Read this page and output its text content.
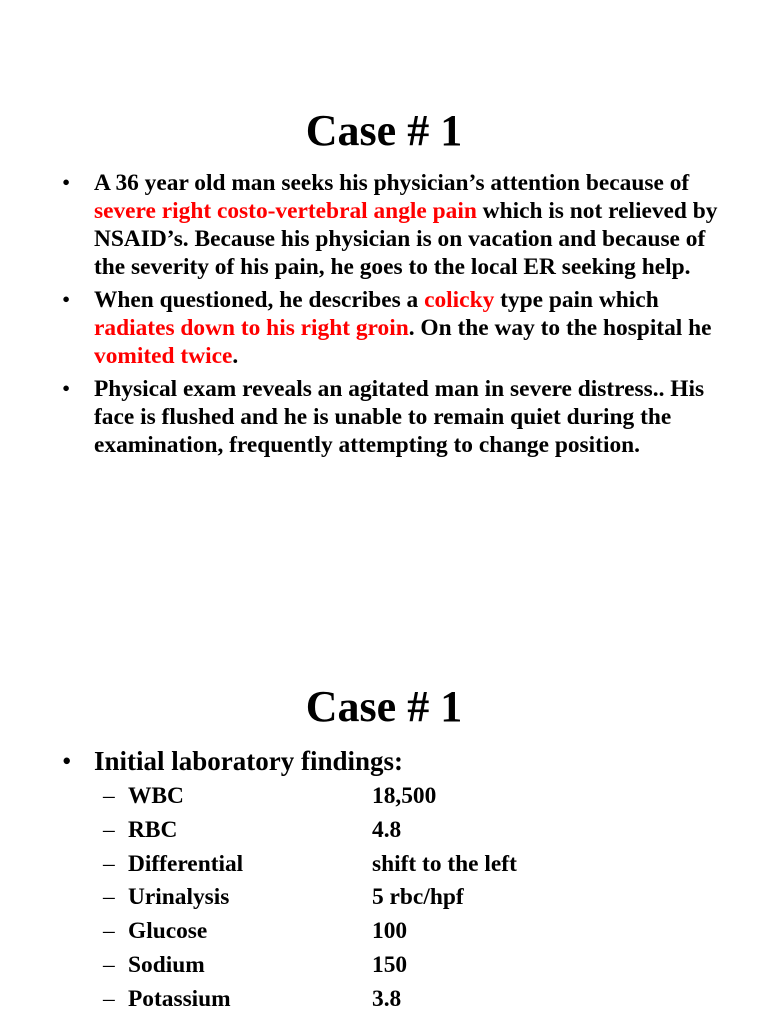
Case # 1
• A 36 year old man seeks his physician’s attention because of severe right costo-vertebral angle pain which is not relieved by NSAID’s. Because his physician is on vacation and because of the severity of his pain, he goes to the local ER seeking help.
• When questioned, he describes a colicky type pain which radiates down to his right groin. On the way to the hospital he vomited twice.
• Physical exam reveals an agitated man in severe distress.. His face is flushed and he is unable to remain quiet during the examination, frequently attempting to change position.
Case # 1
• Initial laboratory findings:
– WBC	18,500
– RBC	4.8
– Differential	shift to the left
– Urinalysis	5 rbc/hpf
– Glucose	100
– Sodium	150
– Potassium	3.8
